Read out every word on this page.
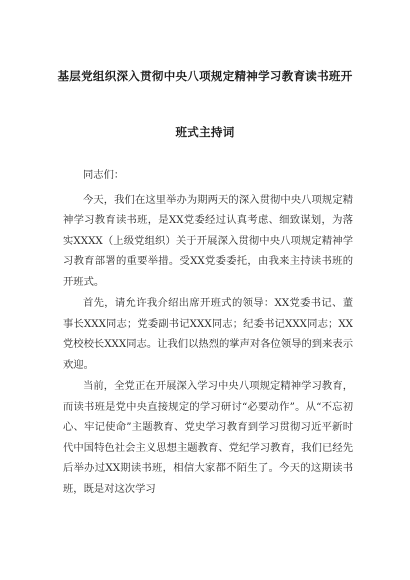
基层党组织深入贯彻中央八项规定精神学习教育读书班开
班式主持词

同志们：

今天，我们在这里举办为期两天的深入贯彻中央八项规定精神学习教育读书班，是XX党委经过认真考虑、细致谋划，为落实XXXX（上级党组织）关于开展深入贯彻中央八项规定精神学习教育部署的重要举措。受XX党委委托，由我来主持读书班的开班式。

首先，请允许我介绍出席开班式的领导：XX党委书记、董事长XXX同志；党委副书记XXX同志；纪委书记XXX同志；XX党校校长XXX同志。让我们以热烈的掌声对各位领导的到来表示欢迎。

当前，全党正在开展深入学习中央八项规定精神学习教育，而读书班是党中央直接规定的学习研讨“必要动作”。从“不忘初心、牢记使命”主题教育、党史学习教育到学习贯彻习近平新时代中国特色社会主义思想主题教育、党纪学习教育，我们已经先后举办过XX期读书班，相信大家都不陌生了。今天的这期读书班，既是对这次学习
